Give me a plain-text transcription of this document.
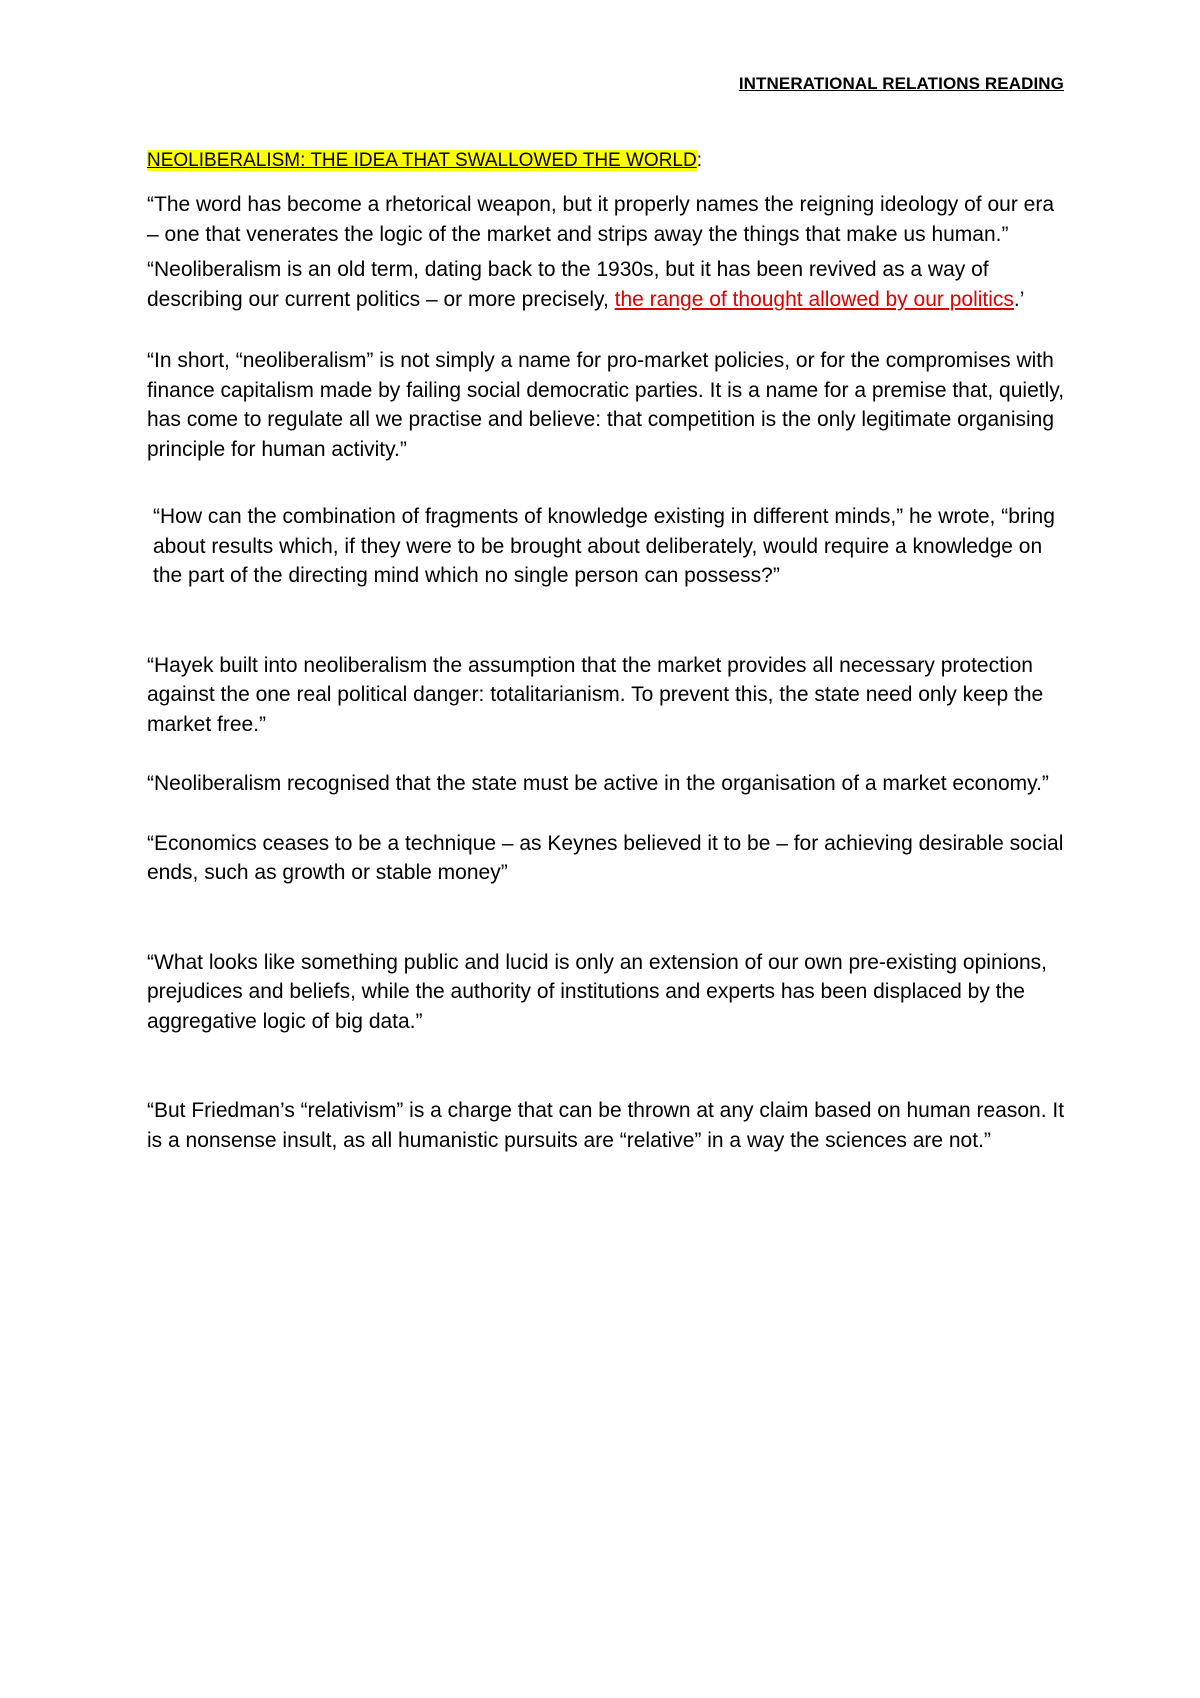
INTNERATIONAL RELATIONS READING
NEOLIBERALISM: THE IDEA THAT SWALLOWED THE WORLD:

“The word has become a rhetorical weapon, but it properly names the reigning ideology of our era – one that venerates the logic of the market and strips away the things that make us human.”

“Neoliberalism is an old term, dating back to the 1930s, but it has been revived as a way of describing our current politics – or more precisely, the range of thought allowed by our politics.’

“In short, “neoliberalism” is not simply a name for pro-market policies, or for the compromises with finance capitalism made by failing social democratic parties. It is a name for a premise that, quietly, has come to regulate all we practise and believe: that competition is the only legitimate organising principle for human activity.”

“How can the combination of fragments of knowledge existing in different minds,” he wrote, “bring about results which, if they were to be brought about deliberately, would require a knowledge on the part of the directing mind which no single person can possess?”

“Hayek built into neoliberalism the assumption that the market provides all necessary protection against the one real political danger: totalitarianism. To prevent this, the state need only keep the market free.”

“Neoliberalism recognised that the state must be active in the organisation of a market economy.”

“Economics ceases to be a technique – as Keynes believed it to be – for achieving desirable social ends, such as growth or stable money”

“What looks like something public and lucid is only an extension of our own pre-existing opinions, prejudices and beliefs, while the authority of institutions and experts has been displaced by the aggregative logic of big data.”

“But Friedman’s “relativism” is a charge that can be thrown at any claim based on human reason. It is a nonsense insult, as all humanistic pursuits are “relative” in a way the sciences are not.”
